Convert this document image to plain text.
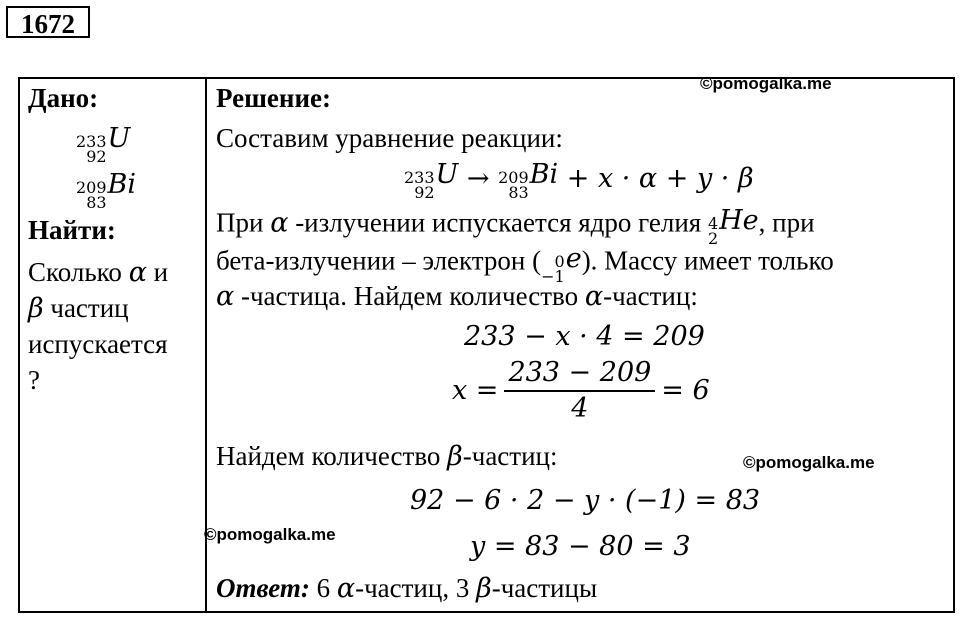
1672
Дано:
233
92
U
209
83
Bi
Найти:
Сколько α и
β частиц
испускается
?
Решение:
Составим уравнение реакции:
233
92
U → 209
83
Bi + x · α + y · β
При α -излучении испускается ядро гелия 4
2
He , при
бета-излучении – электрон ( 0
−1
e ). Массу имеет только
α -частица. Найдем количество α-частиц:
233 − x · 4 = 209
$x = \frac{233 - 209}{4} = 6$
Найдем количество β-частиц:
92 − 6 · 2 − y · (−1) = 83
y = 83 − 80 = 3
Ответ: 6 α-частиц, 3 β-частицы
©pomogalka.me
©pomogalka.me
©pomogalka.me
